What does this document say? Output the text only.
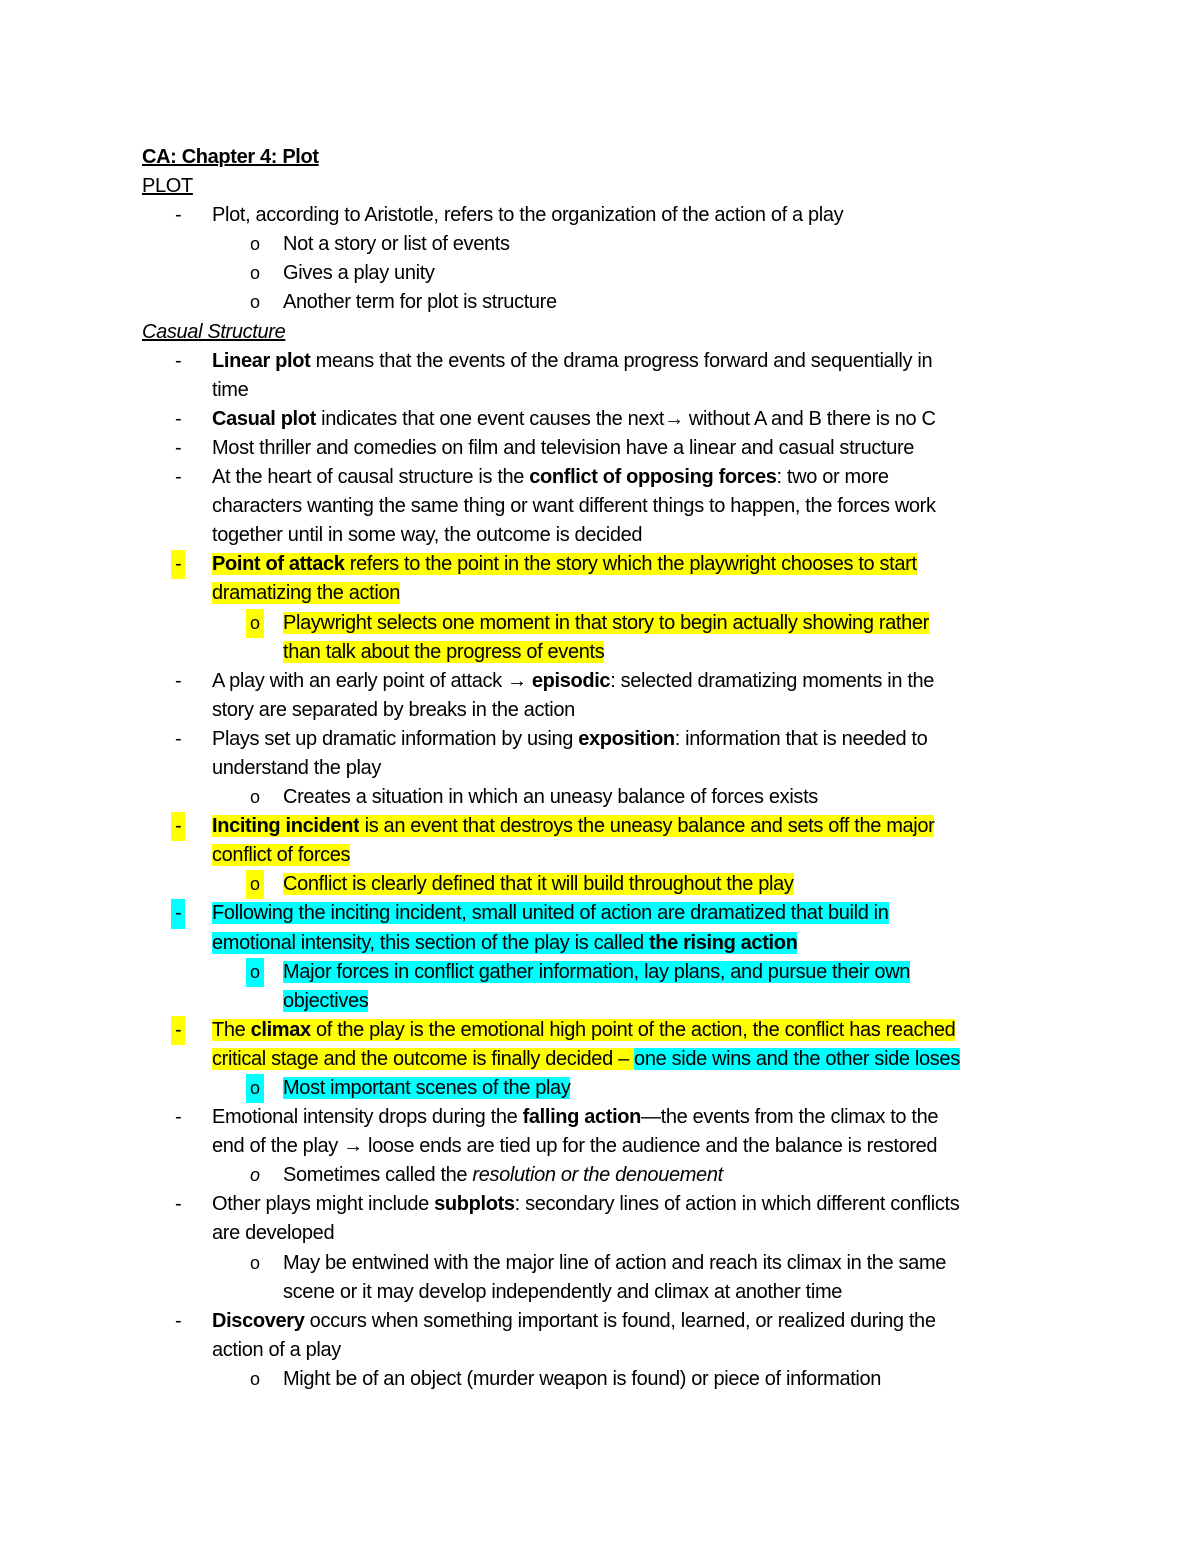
CA: Chapter 4: Plot
PLOT
- Plot, according to Aristotle, refers to the organization of the action of a play
o Not a story or list of events
o Gives a play unity
o Another term for plot is structure
Casual Structure
- Linear plot means that the events of the drama progress forward and sequentially in
time
- Casual plot indicates that one event causes the next→ without A and B there is no C
- Most thriller and comedies on film and television have a linear and casual structure
- At the heart of causal structure is the conflict of opposing forces: two or more
characters wanting the same thing or want different things to happen, the forces work
together until in some way, the outcome is decided
- Point of attack refers to the point in the story which the playwright chooses to start
dramatizing the action
o Playwright selects one moment in that story to begin actually showing rather
than talk about the progress of events
- A play with an early point of attack → episodic: selected dramatizing moments in the
story are separated by breaks in the action
- Plays set up dramatic information by using exposition: information that is needed to
understand the play
o Creates a situation in which an uneasy balance of forces exists
- Inciting incident is an event that destroys the uneasy balance and sets off the major
conflict of forces
o Conflict is clearly defined that it will build throughout the play
- Following the inciting incident, small united of action are dramatized that build in
emotional intensity, this section of the play is called the rising action
o Major forces in conflict gather information, lay plans, and pursue their own
objectives
- The climax of the play is the emotional high point of the action, the conflict has reached
critical stage and the outcome is finally decided – one side wins and the other side loses
o Most important scenes of the play
- Emotional intensity drops during the falling action—the events from the climax to the
end of the play → loose ends are tied up for the audience and the balance is restored
o Sometimes called the resolution or the denouement
- Other plays might include subplots: secondary lines of action in which different conflicts
are developed
o May be entwined with the major line of action and reach its climax in the same
scene or it may develop independently and climax at another time
- Discovery occurs when something important is found, learned, or realized during the
action of a play
o Might be of an object (murder weapon is found) or piece of information
